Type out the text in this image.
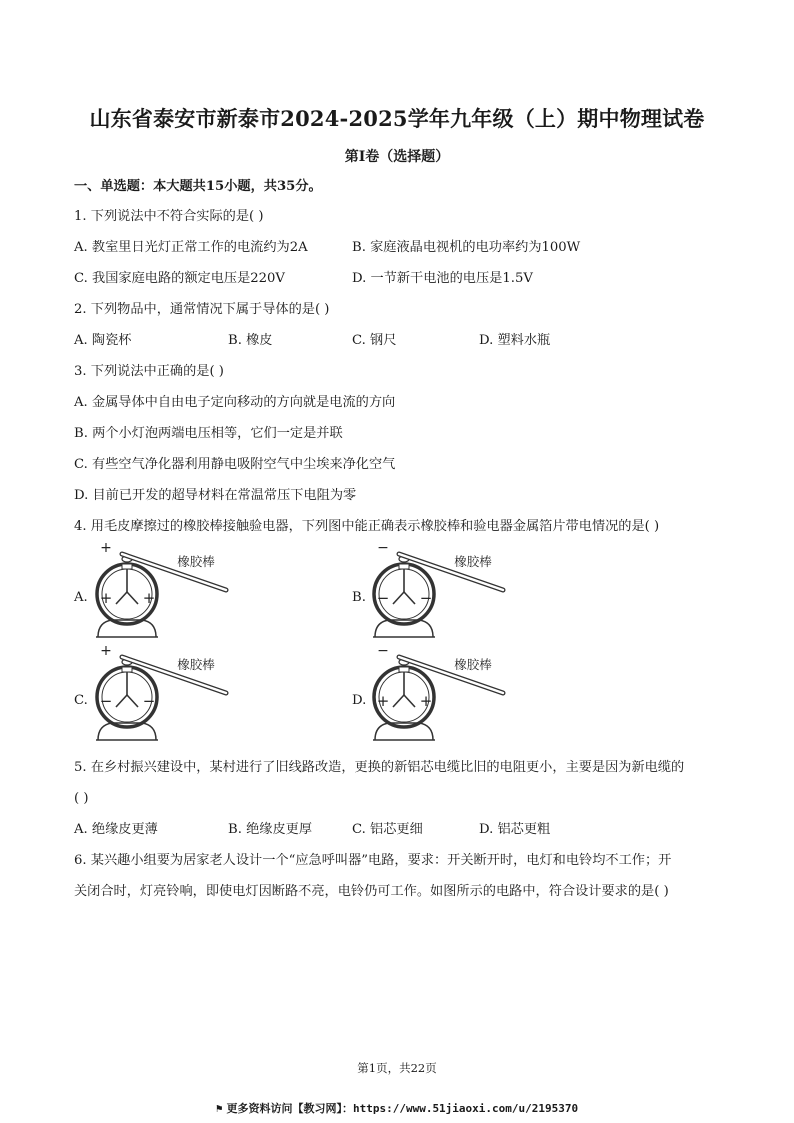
山东省泰安市新泰市2024-2025学年九年级（上）期中物理试卷
第I卷（选择题）
一、单选题：本大题共15小题，共35分。
1. 下列说法中不符合实际的是( )
A. 教室里日光灯正常工作的电流约为2A	B. 家庭液晶电视机的电功率约为100W
C. 我国家庭电路的额定电压是220V	D. 一节新干电池的电压是1.5V
2. 下列物品中，通常情况下属于导体的是( )
A. 陶瓷杯	B. 橡皮	C. 钢尺	D. 塑料水瓶
3. 下列说法中正确的是( )
A. 金属导体中自由电子定向移动的方向就是电流的方向
B. 两个小灯泡两端电压相等，它们一定是并联
C. 有些空气净化器利用静电吸附空气中尘埃来净化空气
D. 目前已开发的超导材料在常温常压下电阻为零
4. 用毛皮摩擦过的橡胶棒接触验电器，下列图中能正确表示橡胶棒和验电器金属箔片带电情况的是( )
+
+ +
橡胶棒
−
− −
橡胶棒
+
− −
橡胶棒
−
+ +
橡胶棒
A.	B.
C.	D.
5. 在乡村振兴建设中，某村进行了旧线路改造，更换的新铝芯电缆比旧的电阻更小，主要是因为新电缆的
( )
A. 绝缘皮更薄	B. 绝缘皮更厚	C. 铝芯更细	D. 铝芯更粗
6. 某兴趣小组要为居家老人设计一个“应急呼叫器”电路，要求：开关断开时，电灯和电铃均不工作；开
关闭合时，灯亮铃响，即使电灯因断路不亮，电铃仍可工作。如图所示的电路中，符合设计要求的是( )
第1页，共22页
⚑ 更多资料访问【教习网】：https://www.51jiaoxi.com/u/2195370
